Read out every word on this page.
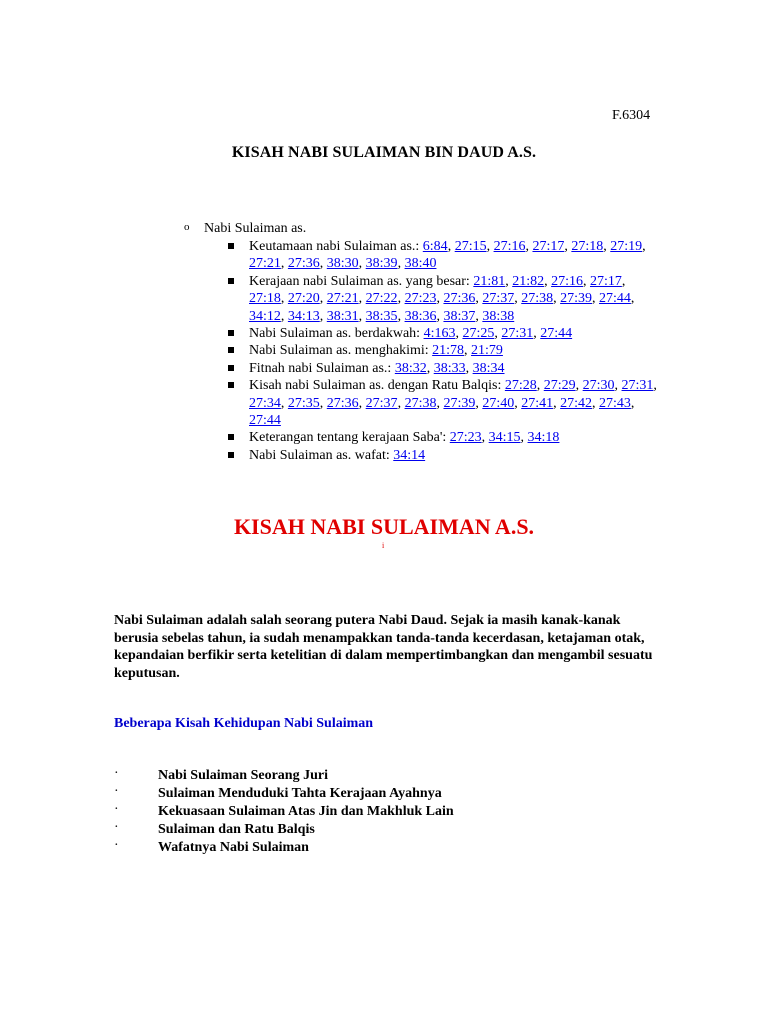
F.6304
KISAH NABI SULAIMAN BIN DAUD A.S.
o Nabi Sulaiman as.
Keutamaan nabi Sulaiman as.: 6:84, 27:15, 27:16, 27:17, 27:18, 27:19, 27:21, 27:36, 38:30, 38:39, 38:40
Kerajaan nabi Sulaiman as. yang besar: 21:81, 21:82, 27:16, 27:17, 27:18, 27:20, 27:21, 27:22, 27:23, 27:36, 27:37, 27:38, 27:39, 27:44, 34:12, 34:13, 38:31, 38:35, 38:36, 38:37, 38:38
Nabi Sulaiman as. berdakwah: 4:163, 27:25, 27:31, 27:44
Nabi Sulaiman as. menghakimi: 21:78, 21:79
Fitnah nabi Sulaiman as.: 38:32, 38:33, 38:34
Kisah nabi Sulaiman as. dengan Ratu Balqis: 27:28, 27:29, 27:30, 27:31, 27:34, 27:35, 27:36, 27:37, 27:38, 27:39, 27:40, 27:41, 27:42, 27:43, 27:44
Keterangan tentang kerajaan Saba': 27:23, 34:15, 34:18
Nabi Sulaiman as. wafat: 34:14
KISAH NABI SULAIMAN A.S.
i
Nabi Sulaiman adalah salah seorang putera Nabi Daud. Sejak ia masih kanak-kanak berusia sebelas tahun, ia sudah menampakkan tanda-tanda kecerdasan, ketajaman otak, kepandaian berfikir serta ketelitian di dalam mempertimbangkan dan mengambil sesuatu keputusan.
Beberapa Kisah Kehidupan Nabi Sulaiman
·	Nabi Sulaiman Seorang Juri
·	Sulaiman Menduduki Tahta Kerajaan Ayahnya
·	Kekuasaan Sulaiman Atas Jin dan Makhluk Lain
·	Sulaiman dan Ratu Balqis
·	Wafatnya Nabi Sulaiman
